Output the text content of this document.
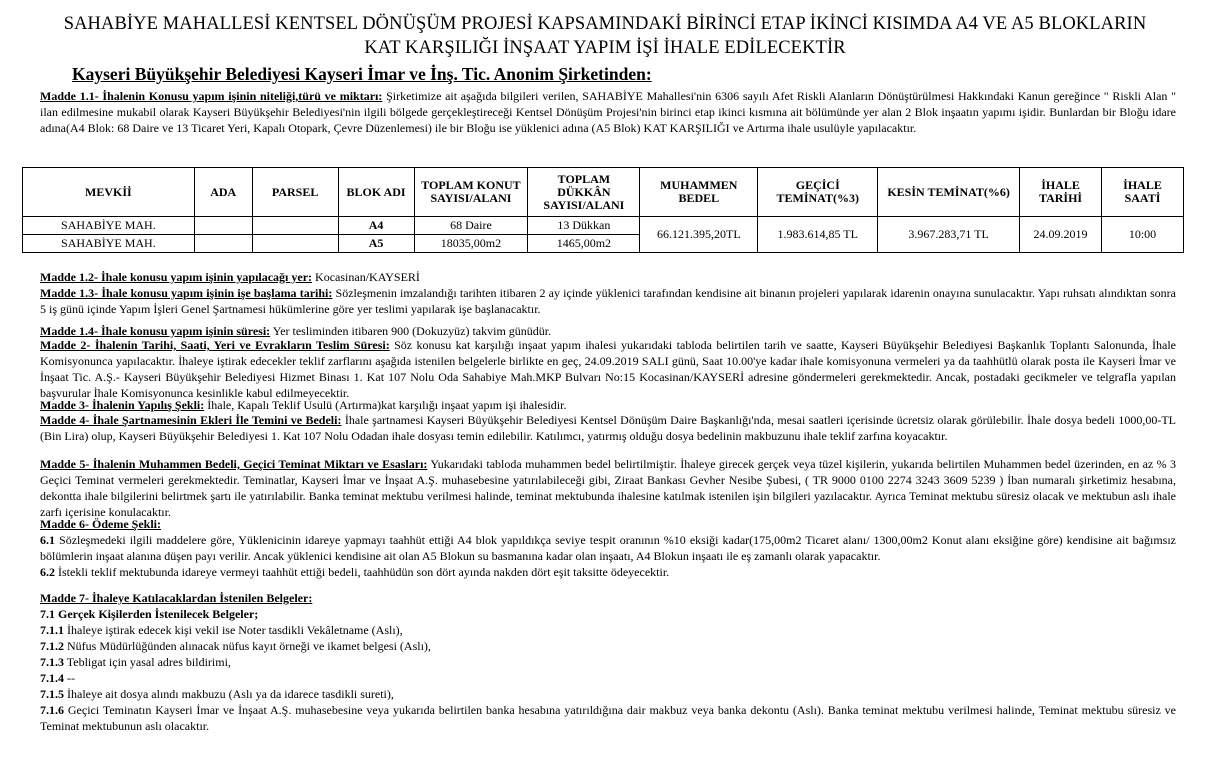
SAHABİYE MAHALLESİ KENTSEL DÖNÜŞÜM PROJESİ KAPSAMINDAKİ BİRİNCİ ETAP İKİNCİ KISIMDA A4 VE A5 BLOKLARIN
KAT KARŞILIĞI İNŞAAT YAPIM İŞİ İHALE EDİLECEKTİR
Kayseri Büyükşehir Belediyesi Kayseri İmar ve İnş. Tic. Anonim Şirketinden:
Madde 1.1- İhalenin Konusu yapım işinin niteliği,türü ve miktarı: Şirketimize ait aşağıda bilgileri verilen, SAHABİYE Mahallesi'nin 6306 sayılı Afet Riskli Alanların Dönüştürülmesi Hakkındaki Kanun gereğince " Riskli Alan " ilan edilmesine mukabil olarak Kayseri Büyükşehir Belediyesi'nin ilgili bölgede gerçekleştireceği Kentsel Dönüşüm Projesi'nin birinci etap ikinci kısmına ait bölümünde yer alan 2 Blok inşaatın yapımı işidir. Bunlardan bir Bloğu idare adına(A4 Blok: 68 Daire ve 13 Ticaret Yeri, Kapalı Otopark, Çevre Düzenlemesi) ile bir Bloğu ise yüklenici adına (A5 Blok) KAT KARŞILIĞI ve Artırma ihale usulüyle yapılacaktır.
MEVKİİ	ADA	PARSEL	BLOK ADI	TOPLAM KONUT SAYISI/ALANI	TOPLAM DÜKKÂN SAYISI/ALANI	MUHAMMEN BEDEL	GEÇİCİ TEMİNAT(%3)	KESİN TEMİNAT(%6)	İHALE TARİHİ	İHALE SAATİ
SAHABİYE MAH.			A4	68 Daire	13 Dükkan	66.121.395,20TL	1.983.614,85 TL	3.967.283,71 TL	24.09.2019	10:00
SAHABİYE MAH.			A5	18035,00m2	1465,00m2					
Madde 1.2- İhale konusu yapım işinin yapılacağı yer: Kocasinan/KAYSERİ
Madde 1.3- İhale konusu yapım işinin işe başlama tarihi: Sözleşmenin imzalandığı tarihten itibaren 2 ay içinde yüklenici tarafından kendisine ait binanın projeleri yapılarak idarenin onayına sunulacaktır. Yapı ruhsatı alındıktan sonra 5 iş günü içinde Yapım İşleri Genel Şartnamesi hükümlerine göre yer teslimi yapılarak işe başlanacaktır.
Madde 1.4- İhale konusu yapım işinin süresi: Yer tesliminden itibaren 900 (Dokuzyüz) takvim günüdür.
Madde 2- İhalenin Tarihi, Saati, Yeri ve Evrakların Teslim Süresi: Söz konusu kat karşılığı inşaat yapım ihalesi yukarıdaki tabloda belirtilen tarih ve saatte, Kayseri Büyükşehir Belediyesi Başkanlık Toplantı Salonunda, İhale Komisyonunca yapılacaktır. İhaleye iştirak edecekler teklif zarflarını aşağıda istenilen belgelerle birlikte en geç, 24.09.2019 SALI günü, Saat 10.00'ye kadar ihale komisyonuna vermeleri ya da taahhütlü olarak posta ile Kayseri İmar ve İnşaat Tic. A.Ş.- Kayseri Büyükşehir Belediyesi Hizmet Binası 1. Kat 107 Nolu Oda Sahabiye Mah.MKP Bulvarı No:15 Kocasinan/KAYSERİ adresine göndermeleri gerekmektedir. Ancak, postadaki gecikmeler ve telgrafla yapılan başvurular İhale Komisyonunca kesinlikle kabul edilmeyecektir.
Madde 3- İhalenin Yapılış Şekli: İhale, Kapalı Teklif Usulü (Artırma)kat karşılığı inşaat yapım işi ihalesidir.
Madde 4- İhale Şartnamesinin Ekleri İle Temini ve Bedeli: İhale şartnamesi Kayseri Büyükşehir Belediyesi Kentsel Dönüşüm Daire Başkanlığı'nda, mesai saatleri içerisinde ücretsiz olarak görülebilir. İhale dosya bedeli 1000,00-TL (Bin Lira) olup, Kayseri Büyükşehir Belediyesi 1. Kat 107 Nolu Odadan ihale dosyası temin edilebilir. Katılımcı, yatırmış olduğu dosya bedelinin makbuzunu ihale teklif zarfına koyacaktır.
Madde 5- İhalenin Muhammen Bedeli, Geçici Teminat Miktarı ve Esasları: Yukarıdaki tabloda muhammen bedel belirtilmiştir. İhaleye girecek gerçek veya tüzel kişilerin, yukarıda belirtilen Muhammen bedel üzerinden, en az % 3 Geçici Teminat vermeleri gerekmektedir. Teminatlar, Kayseri İmar ve İnşaat A.Ş. muhasebesine yatırılabileceği gibi, Ziraat Bankası Gevher Nesibe Şubesi, ( TR 9000 0100 2274 3243 3609 5239 ) İban numaralı şirketimiz hesabına, dekontta ihale bilgilerini belirtmek şartı ile yatırılabilir. Banka teminat mektubu verilmesi halinde, teminat mektubunda ihalesine katılmak istenilen işin bilgileri yazılacaktır. Ayrıca Teminat mektubu süresiz olacak ve mektubun aslı ihale zarfı içerisine konulacaktır.
Madde 6- Ödeme Şekli:
6.1 Sözleşmedeki ilgili maddelere göre, Yüklenicinin idareye yapmayı taahhüt ettiği A4 blok yapıldıkça seviye tespit oranının %10 eksiği kadar(175,00m2 Ticaret alanı/ 1300,00m2 Konut alanı eksiğine göre) kendisine ait bağımsız bölümlerin inşaat alanına düşen payı verilir. Ancak yüklenici kendisine ait olan A5 Blokun su basmanına kadar olan inşaatı, A4 Blokun inşaatı ile eş zamanlı olarak yapacaktır.
6.2 İstekli teklif mektubunda idareye vermeyi taahhüt ettiği bedeli, taahhüdün son dört ayında nakden dört eşit taksitte ödeyecektir.
Madde 7- İhaleye Katılacaklardan İstenilen Belgeler:
7.1 Gerçek Kişilerden İstenilecek Belgeler;
7.1.1 İhaleye iştirak edecek kişi vekil ise Noter tasdikli Vekâletname (Aslı),
7.1.2 Nüfus Müdürlüğünden alınacak nüfus kayıt örneği ve ikamet belgesi (Aslı),
7.1.3 Tebligat için yasal adres bildirimi,
7.1.4 --
7.1.5 İhaleye ait dosya alındı makbuzu (Aslı ya da idarece tasdikli sureti),
7.1.6 Geçici Teminatın Kayseri İmar ve İnşaat A.Ş. muhasebesine veya yukarıda belirtilen banka hesabına yatırıldığına dair makbuz veya banka dekontu (Aslı). Banka teminat mektubu verilmesi halinde, Teminat mektubu süresiz ve Teminat mektubunun aslı olacaktır.
